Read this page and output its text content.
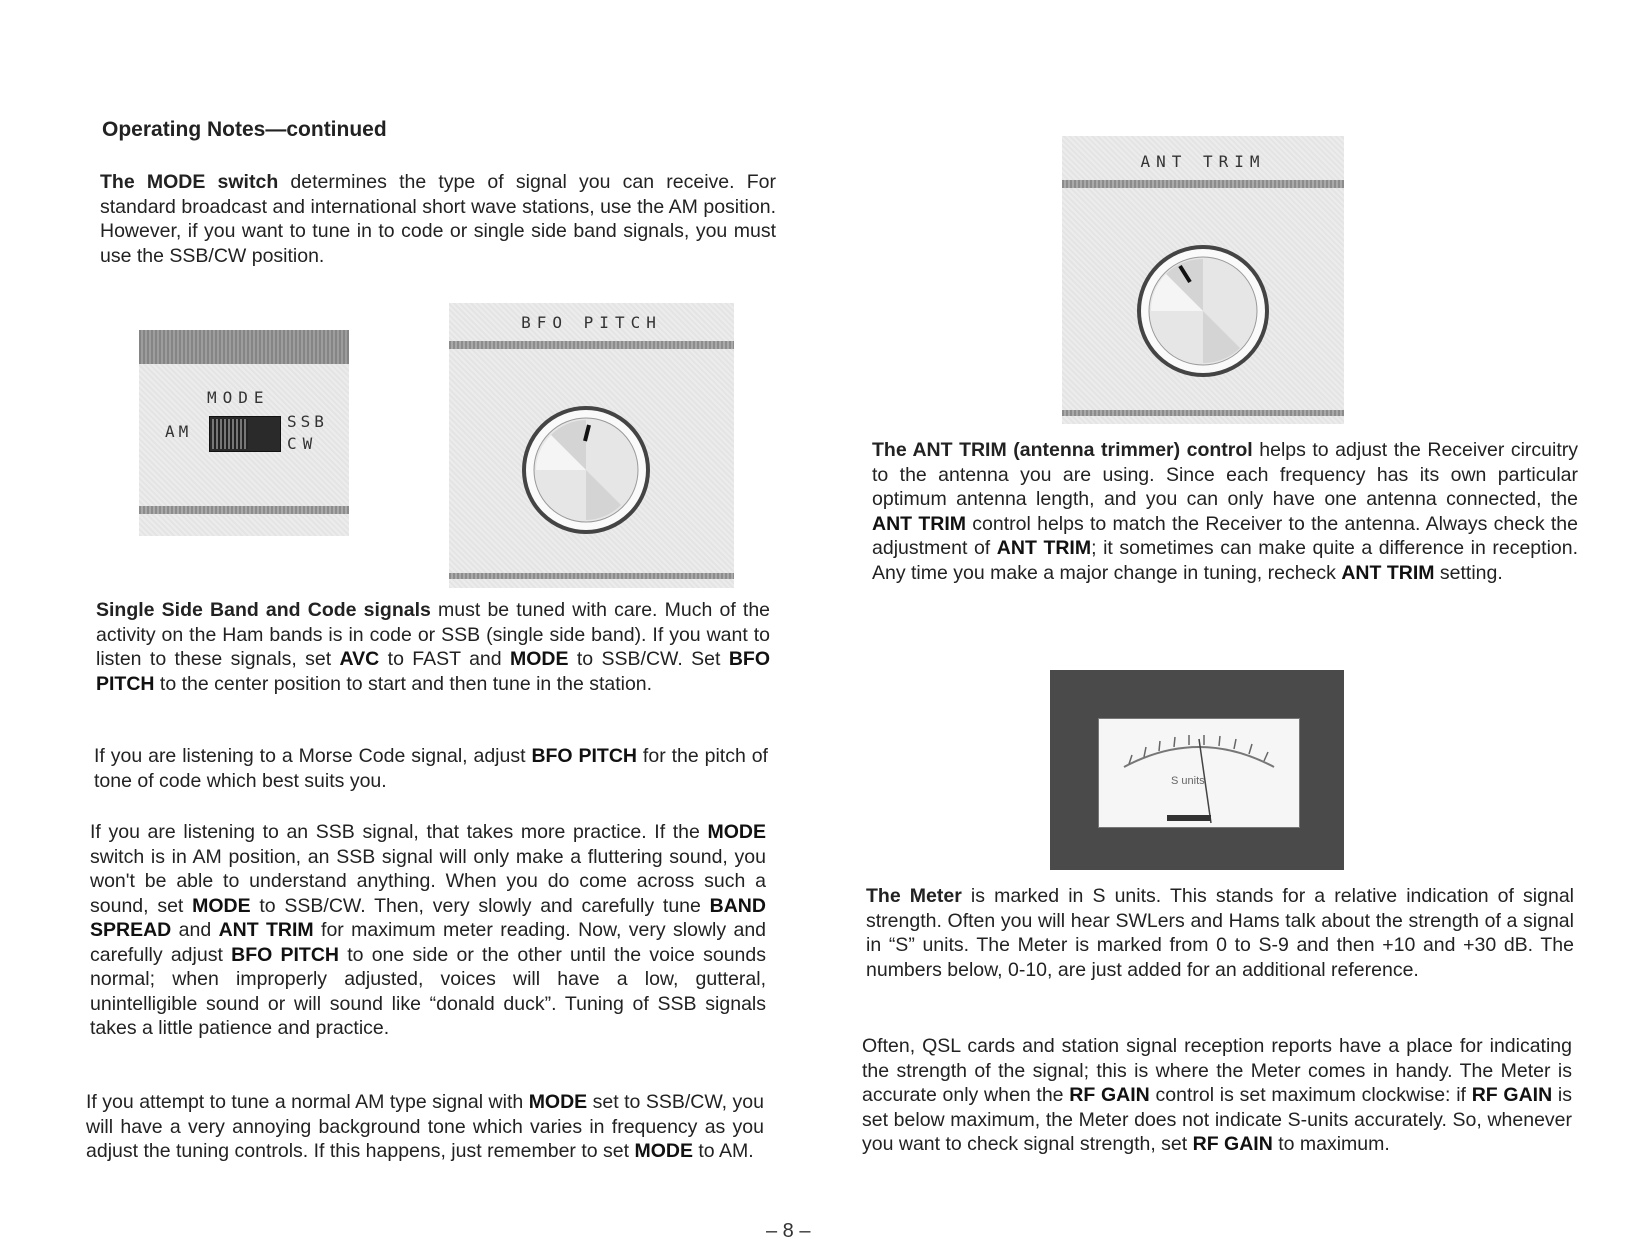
Operating Notes—continued

The MODE switch determines the type of signal you can receive. For standard broadcast and international short wave stations, use the AM position. However, if you want to tune in to code or single side band signals, you must use the SSB/CW position.

MODE
AM
SSB
CW
BFO PITCH

Single Side Band and Code signals must be tuned with care. Much of the activity on the Ham bands is in code or SSB (single side band). If you want to listen to these signals, set AVC to FAST and MODE to SSB/CW. Set BFO PITCH to the center position to start and then tune in the station.

If you are listening to a Morse Code signal, adjust BFO PITCH for the pitch of tone of code which best suits you.

If you are listening to an SSB signal, that takes more practice. If the MODE switch is in AM position, an SSB signal will only make a fluttering sound, you won't be able to understand anything. When you do come across such a sound, set MODE to SSB/CW. Then, very slowly and carefully tune BAND SPREAD and ANT TRIM for maximum meter reading. Now, very slowly and carefully adjust BFO PITCH to one side or the other until the voice sounds normal; when improperly adjusted, voices will have a low, gutteral, unintelligible sound or will sound like “donald duck”. Tuning of SSB signals takes a little patience and practice.

If you attempt to tune a normal AM type signal with MODE set to SSB/CW, you will have a very annoying background tone which varies in frequency as you adjust the tuning controls. If this happens, just remember to set MODE to AM.

ANT TRIM

The ANT TRIM (antenna trimmer) control helps to adjust the Receiver circuitry to the antenna you are using. Since each frequency has its own particular optimum antenna length, and you can only have one antenna connected, the ANT TRIM control helps to match the Receiver to the antenna. Always check the adjustment of ANT TRIM; it sometimes can make quite a difference in reception. Any time you make a major change in tuning, recheck ANT TRIM setting.

S units

The Meter is marked in S units. This stands for a relative indication of signal strength. Often you will hear SWLers and Hams talk about the strength of a signal in “S” units. The Meter is marked from 0 to S-9 and then +10 and +30 dB. The numbers below, 0-10, are just added for an additional reference.

Often, QSL cards and station signal reception reports have a place for indicating the strength of the signal; this is where the Meter comes in handy. The Meter is accurate only when the RF GAIN control is set maximum clockwise: if RF GAIN is set below maximum, the Meter does not indicate S-units accurately. So, whenever you want to check signal strength, set RF GAIN to maximum.

– 8 –
